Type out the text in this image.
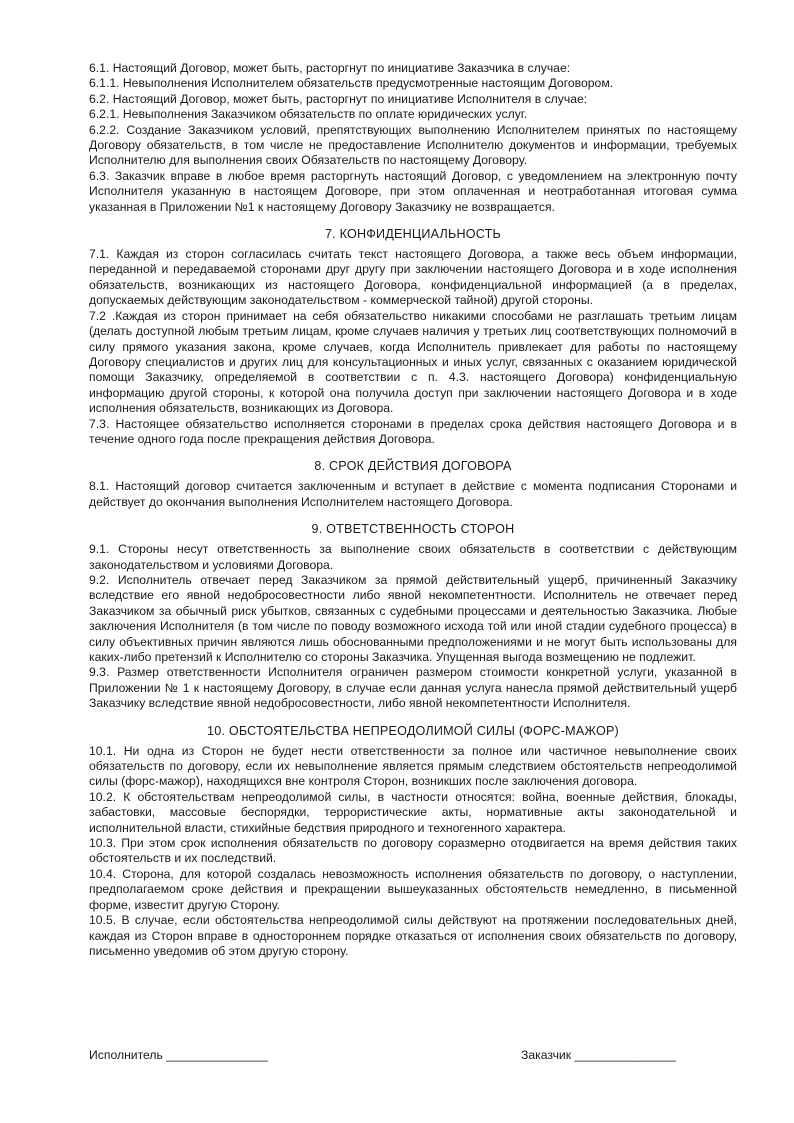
6.1. Настоящий Договор, может быть, расторгнут по инициативе Заказчика в случае:

6.1.1. Невыполнения Исполнителем обязательств предусмотренные настоящим Договором.

6.2. Настоящий Договор, может быть, расторгнут по инициативе Исполнителя в случае:

6.2.1. Невыполнения Заказчиком обязательств по оплате юридических услуг.

6.2.2. Создание Заказчиком условий, препятствующих выполнению Исполнителем принятых по настоящему Договору обязательств, в том числе не предоставление Исполнителю документов и информации, требуемых Исполнителю для выполнения своих Обязательств по настоящему Договору.

6.3. Заказчик вправе в любое время расторгнуть настоящий Договор, с уведомлением на электронную почту Исполнителя указанную в настоящем Договоре, при этом оплаченная и неотработанная итоговая сумма указанная в Приложении №1 к настоящему Договору Заказчику не возвращается.

7. КОНФИДЕНЦИАЛЬНОСТЬ

7.1. Каждая из сторон согласилась считать текст настоящего Договора, а также весь объем информации, переданной и передаваемой сторонами друг другу при заключении настоящего Договора и в ходе исполнения обязательств, возникающих из настоящего Договора, конфиденциальной информацией (а в пределах, допускаемых действующим законодательством - коммерческой тайной) другой стороны.

7.2 .Каждая из сторон принимает на себя обязательство никакими способами не разглашать третьим лицам (делать доступной любым третьим лицам, кроме случаев наличия у третьих лиц соответствующих полномочий в силу прямого указания закона, кроме случаев, когда Исполнитель привлекает для работы по настоящему Договору специалистов и других лиц для консультационных и иных услуг, связанных с оказанием юридической помощи Заказчику, определяемой в соответствии с п. 4.3. настоящего Договора) конфиденциальную информацию другой стороны, к которой она получила доступ при заключении настоящего Договора и в ходе исполнения обязательств, возникающих из Договора.

7.3. Настоящее обязательство исполняется сторонами в пределах срока действия настоящего Договора и в течение одного года после прекращения действия Договора.

8. СРОК ДЕЙСТВИЯ ДОГОВОРА

8.1. Настоящий договор считается заключенным и вступает в действие с момента подписания Сторонами и действует до окончания выполнения Исполнителем настоящего Договора.

9. ОТВЕТСТВЕННОСТЬ СТОРОН

9.1. Стороны несут ответственность за выполнение своих обязательств в соответствии с действующим законодательством и условиями Договора.

9.2. Исполнитель отвечает перед Заказчиком за прямой действительный ущерб, причиненный Заказчику вследствие его явной недобросовестности либо явной некомпетентности. Исполнитель не отвечает перед Заказчиком за обычный риск убытков, связанных с судебными процессами и деятельностью Заказчика. Любые заключения Исполнителя (в том числе по поводу возможного исхода той или иной стадии судебного процесса) в силу объективных причин являются лишь обоснованными предположениями и не могут быть использованы для каких-либо претензий к Исполнителю со стороны Заказчика. Упущенная выгода возмещению не подлежит.

9.3. Размер ответственности Исполнителя ограничен размером стоимости конкретной услуги, указанной в Приложении № 1 к настоящему Договору, в случае если данная услуга нанесла прямой действительный ущерб Заказчику вследствие явной недобросовестности, либо явной некомпетентности Исполнителя.

10. ОБСТОЯТЕЛЬСТВА НЕПРЕОДОЛИМОЙ СИЛЫ (ФОРС-МАЖОР)

10.1. Ни одна из Сторон не будет нести ответственности за полное или частичное невыполнение своих обязательств по договору, если их невыполнение является прямым следствием обстоятельств непреодолимой силы (форс-мажор), находящихся вне контроля Сторон, возникших после заключения договора.

10.2. К обстоятельствам непреодолимой силы, в частности относятся: война, военные действия, блокады, забастовки, массовые беспорядки, террористические акты, нормативные акты законодательной и исполнительной власти, стихийные бедствия природного и техногенного характера.

10.3. При этом срок исполнения обязательств по договору соразмерно отодвигается на время действия таких обстоятельств и их последствий.

10.4. Сторона, для которой создалась невозможность исполнения обязательств по договору, о наступлении, предполагаемом сроке действия и прекращении вышеуказанных обстоятельств немедленно, в письменной форме, известит другую Сторону.

10.5. В случае, если обстоятельства непреодолимой силы действуют на протяжении последовательных дней, каждая из Сторон вправе в одностороннем порядке отказаться от исполнения своих обязательств по договору, письменно уведомив об этом другую сторону.

Исполнитель _______________	Заказчик _______________
